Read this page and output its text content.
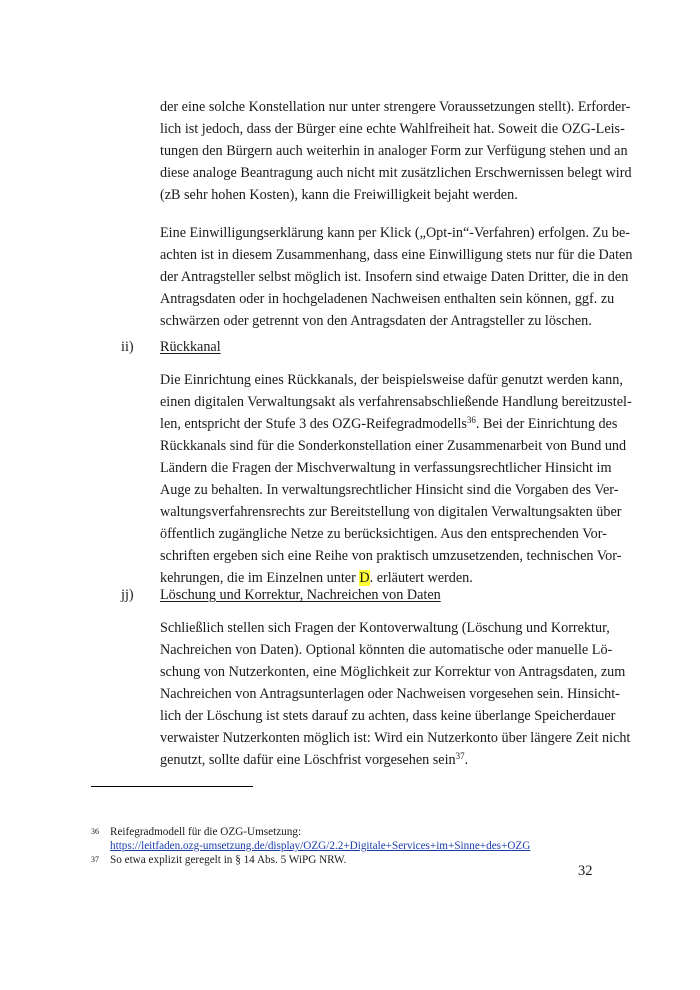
der eine solche Konstellation nur unter strengere Voraussetzungen stellt). Erforder-
lich ist jedoch, dass der Bürger eine echte Wahlfreiheit hat. Soweit die OZG-Leis-
tungen den Bürgern auch weiterhin in analoger Form zur Verfügung stehen und an
diese analoge Beantragung auch nicht mit zusätzlichen Erschwernissen belegt wird
(zB sehr hohen Kosten), kann die Freiwilligkeit bejaht werden.

Eine Einwilligungserklärung kann per Klick („Opt-in“-Verfahren) erfolgen. Zu be-
achten ist in diesem Zusammenhang, dass eine Einwilligung stets nur für die Daten
der Antragsteller selbst möglich ist. Insofern sind etwaige Daten Dritter, die in den
Antragsdaten oder in hochgeladenen Nachweisen enthalten sein können, ggf. zu
schwärzen oder getrennt von den Antragsdaten der Antragsteller zu löschen.

ii) Rückkanal

Die Einrichtung eines Rückkanals, der beispielsweise dafür genutzt werden kann,
einen digitalen Verwaltungsakt als verfahrensabschließende Handlung bereitzustel-
len, entspricht der Stufe 3 des OZG-Reifegradmodells$^{36}$. Bei der Einrichtung des
Rückkanals sind für die Sonderkonstellation einer Zusammenarbeit von Bund und
Ländern die Fragen der Mischverwaltung in verfassungsrechtlicher Hinsicht im
Auge zu behalten. In verwaltungsrechtlicher Hinsicht sind die Vorgaben des Ver-
waltungsverfahrensrechts zur Bereitstellung von digitalen Verwaltungsakten über
öffentlich zugängliche Netze zu berücksichtigen. Aus den entsprechenden Vor-
schriften ergeben sich eine Reihe von praktisch umzusetzenden, technischen Vor-
kehrungen, die im Einzelnen unter D. erläutert werden.

jj) Löschung und Korrektur, Nachreichen von Daten

Schließlich stellen sich Fragen der Kontoverwaltung (Löschung und Korrektur,
Nachreichen von Daten). Optional könnten die automatische oder manuelle Lö-
schung von Nutzerkonten, eine Möglichkeit zur Korrektur von Antragsdaten, zum
Nachreichen von Antragsunterlagen oder Nachweisen vorgesehen sein. Hinsicht-
lich der Löschung ist stets darauf zu achten, dass keine überlange Speicherdauer
verwaister Nutzerkonten möglich ist: Wird ein Nutzerkonto über längere Zeit nicht
genutzt, sollte dafür eine Löschfrist vorgesehen sein$^{37}$.

36 Reifegradmodell für die OZG-Umsetzung:
https://leitfaden.ozg-umsetzung.de/display/OZG/2.2+Digitale+Services+im+Sinne+des+OZG
37 So etwa explizit geregelt in § 14 Abs. 5 WiPG NRW.
32
